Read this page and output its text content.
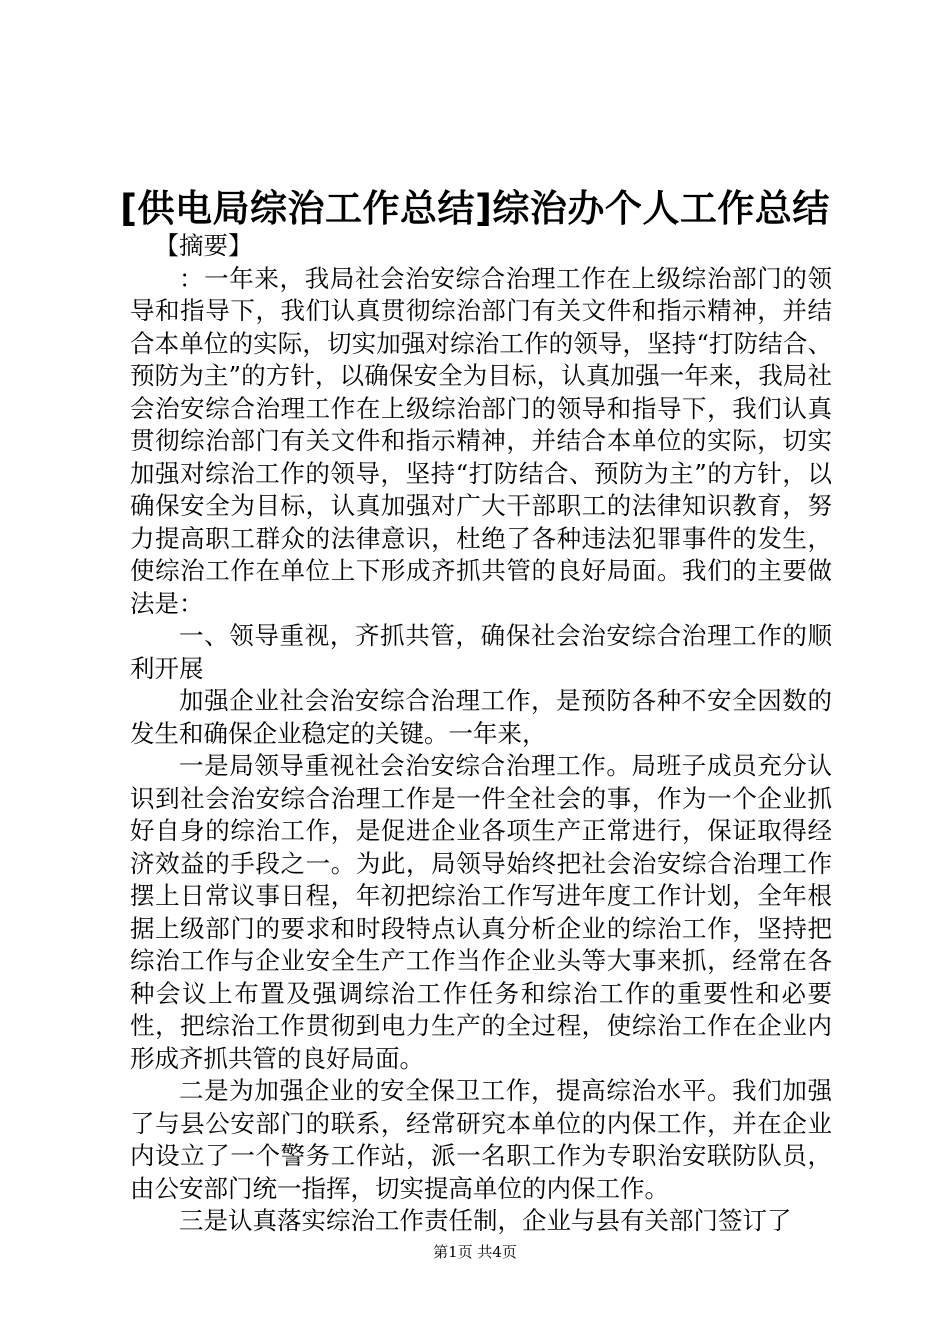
[供电局综治工作总结]综治办个人工作总结

【摘要】

：一年来，我局社会治安综合治理工作在上级综治部门的领导和指导下，我们认真贯彻综治部门有关文件和指示精神，并结合本单位的实际，切实加强对综治工作的领导，坚持“打防结合、预防为主”的方针，以确保安全为目标，认真加强一年来，我局社会治安综合治理工作在上级综治部门的领导和指导下，我们认真贯彻综治部门有关文件和指示精神，并结合本单位的实际，切实加强对综治工作的领导，坚持“打防结合、预防为主”的方针，以确保安全为目标，认真加强对广大干部职工的法律知识教育，努力提高职工群众的法律意识，杜绝了各种违法犯罪事件的发生，使综治工作在单位上下形成齐抓共管的良好局面。我们的主要做法是：

一、领导重视，齐抓共管，确保社会治安综合治理工作的顺利开展

加强企业社会治安综合治理工作，是预防各种不安全因数的发生和确保企业稳定的关键。一年来，

一是局领导重视社会治安综合治理工作。局班子成员充分认识到社会治安综合治理工作是一件全社会的事，作为一个企业抓好自身的综治工作，是促进企业各项生产正常进行，保证取得经济效益的手段之一。为此，局领导始终把社会治安综合治理工作摆上日常议事日程，年初把综治工作写进年度工作计划，全年根据上级部门的要求和时段特点认真分析企业的综治工作，坚持把综治工作与企业安全生产工作当作企业头等大事来抓，经常在各种会议上布置及强调综治工作任务和综治工作的重要性和必要性，把综治工作贯彻到电力生产的全过程，使综治工作在企业内形成齐抓共管的良好局面。

二是为加强企业的安全保卫工作，提高综治水平。我们加强了与县公安部门的联系，经常研究本单位的内保工作，并在企业内设立了一个警务工作站，派一名职工作为专职治安联防队员，由公安部门统一指挥，切实提高单位的内保工作。

三是认真落实综治工作责任制，企业与县有关部门签订了

第1页 共4页
